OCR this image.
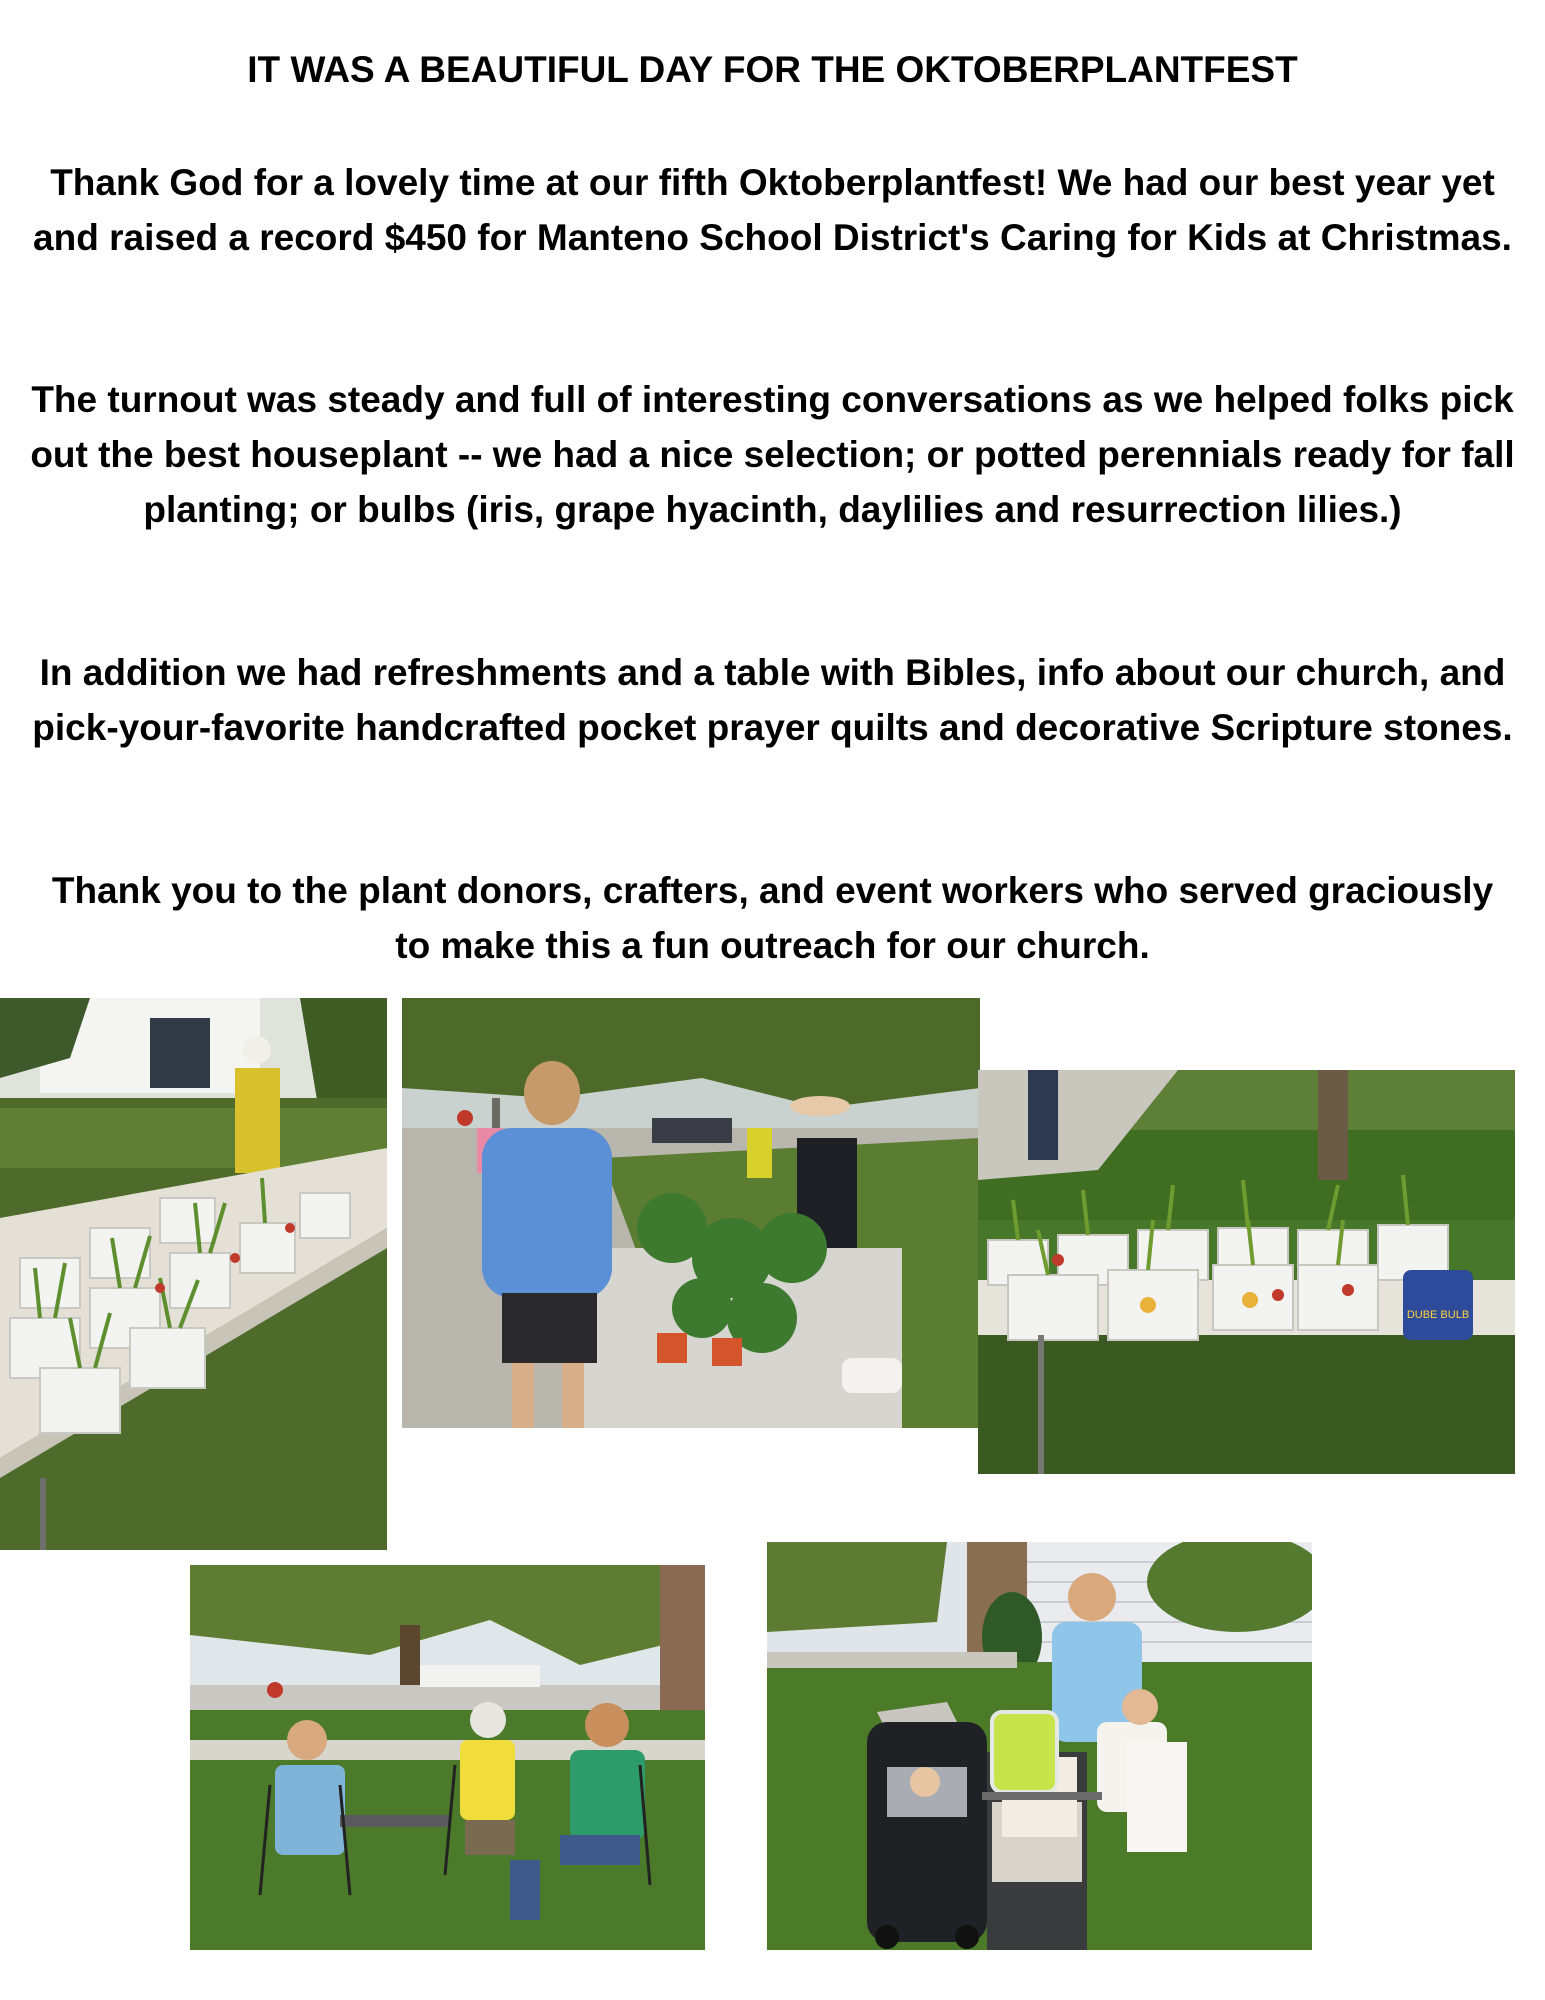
IT WAS A BEAUTIFUL DAY FOR THE OKTOBERPLANTFEST

Thank God for a lovely time at our fifth Oktoberplantfest! We had our best year yet and raised a record $450 for Manteno School District's Caring for Kids at Christmas.

The turnout was steady and full of interesting conversations as we helped folks pick out the best houseplant -- we had a nice selection; or potted perennials ready for fall planting; or bulbs (iris, grape hyacinth, daylilies and resurrection lilies.)

In addition we had refreshments and a table with Bibles, info about our church, and pick-your-favorite handcrafted pocket prayer quilts and decorative Scripture stones.

Thank you to the plant donors, crafters, and event workers who served graciously to make this a fun outreach for our church.

DUBE BULB
